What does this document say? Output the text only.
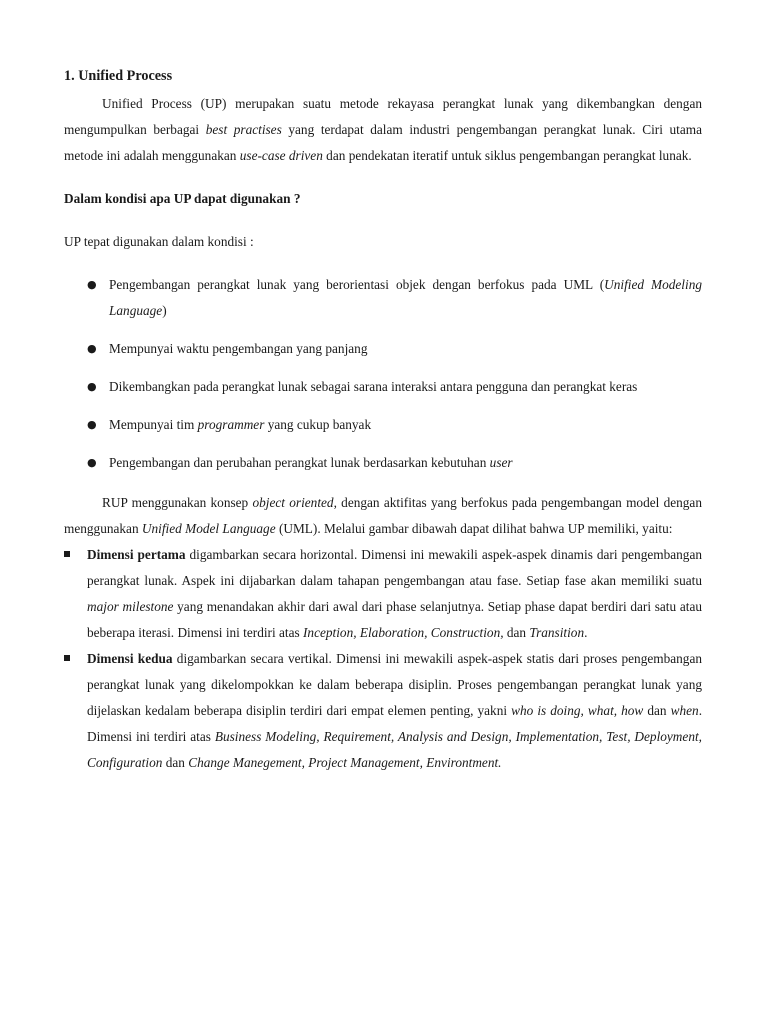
1. Unified Process

Unified Process (UP) merupakan suatu metode rekayasa perangkat lunak yang dikembangkan dengan mengumpulkan berbagai best practises yang terdapat dalam industri pengembangan perangkat lunak. Ciri utama metode ini adalah menggunakan use-case driven dan pendekatan iteratif untuk siklus pengembangan perangkat lunak.

Dalam kondisi apa UP dapat digunakan ?

UP tepat digunakan dalam kondisi :

● Pengembangan perangkat lunak yang berorientasi objek dengan berfokus pada UML (Unified Modeling Language)
● Mempunyai waktu pengembangan yang panjang
● Dikembangkan pada perangkat lunak sebagai sarana interaksi antara pengguna dan perangkat keras
● Mempunyai tim programmer yang cukup banyak
● Pengembangan dan perubahan perangkat lunak berdasarkan kebutuhan user

RUP menggunakan konsep object oriented, dengan aktifitas yang berfokus pada pengembangan model dengan menggunakan Unified Model Language (UML). Melalui gambar dibawah dapat dilihat bahwa UP memiliki, yaitu:

Dimensi pertama digambarkan secara horizontal. Dimensi ini mewakili aspek-aspek dinamis dari pengembangan perangkat lunak. Aspek ini dijabarkan dalam tahapan pengembangan atau fase. Setiap fase akan memiliki suatu major milestone yang menandakan akhir dari awal dari phase selanjutnya. Setiap phase dapat berdiri dari satu atau beberapa iterasi. Dimensi ini terdiri atas Inception, Elaboration, Construction, dan Transition.
Dimensi kedua digambarkan secara vertikal. Dimensi ini mewakili aspek-aspek statis dari proses pengembangan perangkat lunak yang dikelompokkan ke dalam beberapa disiplin. Proses pengembangan perangkat lunak yang dijelaskan kedalam beberapa disiplin terdiri dari empat elemen penting, yakni who is doing, what, how dan when. Dimensi ini terdiri atas Business Modeling, Requirement, Analysis and Design, Implementation, Test, Deployment, Configuration dan Change Manegement, Project Management, Environtment.
